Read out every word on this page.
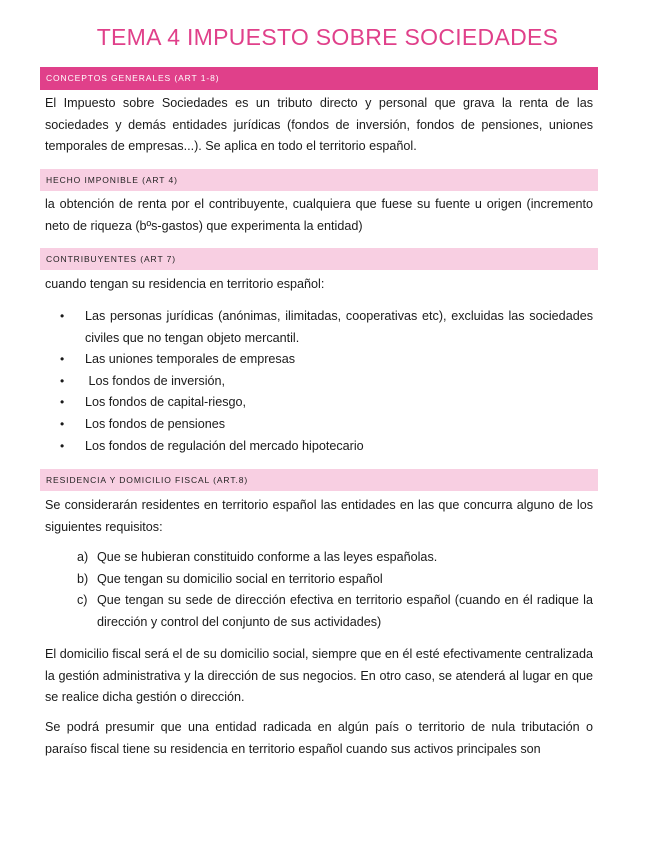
TEMA 4 IMPUESTO SOBRE SOCIEDADES
CONCEPTOS GENERALES (ART 1-8)
El Impuesto sobre Sociedades es un tributo directo y personal que grava la renta de las sociedades y demás entidades jurídicas (fondos de inversión, fondos de pensiones, uniones temporales de empresas...). Se aplica en todo el territorio español.
HECHO IMPONIBLE (ART 4)
la obtención de renta por el contribuyente, cualquiera que fuese su fuente u origen (incremento neto de riqueza (bºs-gastos) que experimenta la entidad)
CONTRIBUYENTES (ART 7)
cuando tengan su residencia en territorio español:
• Las personas jurídicas (anónimas, ilimitadas, cooperativas etc), excluidas las sociedades civiles que no tengan objeto mercantil.
• Las uniones temporales de empresas
• Los fondos de inversión,
• Los fondos de capital-riesgo,
• Los fondos de pensiones
• Los fondos de regulación del mercado hipotecario
RESIDENCIA Y DOMICILIO FISCAL (ART.8)
Se considerarán residentes en territorio español las entidades en las que concurra alguno de los siguientes requisitos:
a) Que se hubieran constituido conforme a las leyes españolas.
b) Que tengan su domicilio social en territorio español
c) Que tengan su sede de dirección efectiva en territorio español (cuando en él radique la dirección y control del conjunto de sus actividades)
El domicilio fiscal será el de su domicilio social, siempre que en él esté efectivamente centralizada la gestión administrativa y la dirección de sus negocios. En otro caso, se atenderá al lugar en que se realice dicha gestión o dirección.
Se podrá presumir que una entidad radicada en algún país o territorio de nula tributación o paraíso fiscal tiene su residencia en territorio español cuando sus activos principales son
